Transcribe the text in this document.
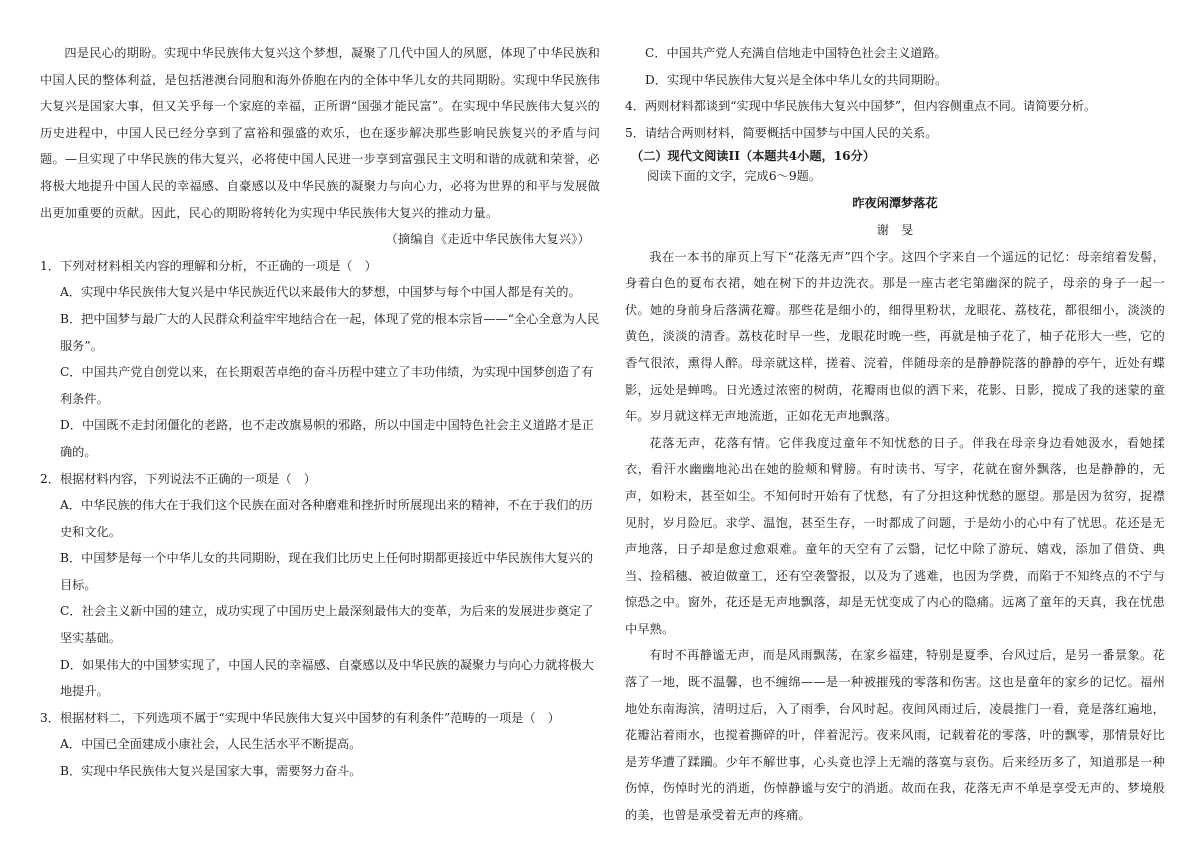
四是民心的期盼。实现中华民族伟大复兴这个梦想，凝聚了几代中国人的夙愿，体现了中华民族和中国人民的整体利益，是包括港澳台同胞和海外侨胞在内的全体中华儿女的共同期盼。实现中华民族伟大复兴是国家大事，但又关乎每一个家庭的幸福，正所谓“国强才能民富”。在实现中华民族伟大复兴的历史进程中，中国人民已经分享到了富裕和强盛的欢乐，也在逐步解决那些影响民族复兴的矛盾与问题。—旦实现了中华民族的伟大复兴，必将使中国人民进一步享到富强民主文明和谐的成就和荣誉，必将极大地提升中国人民的幸福感、自豪感以及中华民族的凝聚力与向心力，必将为世界的和平与发展做出更加重要的贡献。因此，民心的期盼将转化为实现中华民族伟大复兴的推动力量。

（摘编自《走近中华民族伟大复兴》）

1．下列对材料相关内容的理解和分析，不正确的一项是（　）

A．实现中华民族伟大复兴是中华民族近代以来最伟大的梦想，中国梦与每个中国人都是有关的。

B．把中国梦与最广大的人民群众利益牢牢地结合在一起，体现了党的根本宗旨——“全心全意为人民服务”。

C．中国共产党自创党以来，在长期艰苦卓绝的奋斗历程中建立了丰功伟绩，为实现中国梦创造了有利条件。

D．中国既不走封闭僵化的老路，也不走改旗易帜的邪路，所以中国走中国特色社会主义道路才是正确的。

2．根据材料内容，下列说法不正确的一项是（　）

A．中华民族的伟大在于我们这个民族在面对各种磨难和挫折时所展现出来的精神，不在于我们的历史和文化。

B．中国梦是每一个中华儿女的共同期盼，现在我们比历史上任何时期都更接近中华民族伟大复兴的目标。

C．社会主义新中国的建立，成功实现了中国历史上最深刻最伟大的变革，为后来的发展进步奠定了坚实基础。

D．如果伟大的中国梦实现了，中国人民的幸福感、自豪感以及中华民族的凝聚力与向心力就将极大地提升。

3．根据材料二，下列选项不属于“实现中华民族伟大复兴中国梦的有利条件”范畴的一项是（　）

A．中国已全面建成小康社会，人民生活水平不断提高。

B．实现中华民族伟大复兴是国家大事，需要努力奋斗。

C．中国共产党人充满自信地走中国特色社会主义道路。

D．实现中华民族伟大复兴是全体中华儿女的共同期盼。

4．两则材料都谈到“实现中华民族伟大复兴中国梦”，但内容侧重点不同。请简要分析。

5．请结合两则材料，简要概括中国梦与中国人民的关系。

（二）现代文阅读II（本题共4小题，16分）

阅读下面的文字，完成6～9题。

昨夜闲潭梦落花

谢　旻

我在一本书的扉页上写下“花落无声”四个字。这四个字来自一个遥远的记忆：母亲绾着发髻，身着白色的夏布衣裙，她在树下的井边洗衣。那是一座古老宅第幽深的院子，母亲的身子一起一伏。她的身前身后落满花瓣。那些花是细小的，细得里粉状，龙眼花、荔枝花，都很细小，淡淡的黄色，淡淡的清香。荔枝花时早一些，龙眼花时晚一些，再就是柚子花了，柚子花形大一些，它的香气很浓，熏得人醉。母亲就这样，搓着、浣着，伴随母亲的是静静院落的静静的亭午，近处有蝶影，远处是蝉鸣。日光透过浓密的树荫，花瓣雨也似的洒下来，花影、日影，搅成了我的迷蒙的童年。岁月就这样无声地流逝，正如花无声地飘落。

花落无声，花落有情。它伴我度过童年不知忧愁的日子。伴我在母亲身边看她汲水，看她揉衣，看汗水幽幽地沁出在她的脸颊和臂膀。有时读书、写字，花就在窗外飘落，也是静静的，无声，如粉末，甚至如尘。不知何时开始有了忧愁，有了分担这种忧愁的愿望。那是因为贫穷，捉襟见肘，岁月险厄。求学、温饱，甚至生存，一时都成了问题，于是幼小的心中有了忧思。花还是无声地落，日子却是愈过愈艰难。童年的天空有了云翳，记忆中除了游玩、嬉戏，添加了借贷、典当、捡稻穗、被迫做童工，还有空袭警报，以及为了逃难，也因为学费，而陷于不知终点的不宁与惊恐之中。窗外，花还是无声地飘落，却是无忧变成了内心的隐痛。远离了童年的天真，我在忧患中早熟。

有时不再静谧无声，而是风雨飘荡，在家乡福建，特别是夏季，台风过后，是另一番景象。花落了一地，既不温馨，也不缠绵——是一种被摧残的零落和伤害。这也是童年的家乡的记忆。福州地处东南海滨，清明过后，入了雨季，台风时起。夜间风雨过后，凌晨推门一看，竟是落红遍地，花瓣沾着雨水，也搅着撕碎的叶，伴着泥污。夜来风雨，记载着花的零落，叶的飘零，那情景好比是芳华遭了蹂躏。少年不解世事，心头竟也浮上无端的落寞与哀伤。后来经历多了，知道那是一种伤悼，伤悼时光的消逝，伤悼静谧与安宁的消逝。故而在我，花落无声不单是享受无声的、梦境般的美，也曾是承受着无声的疼痛。
